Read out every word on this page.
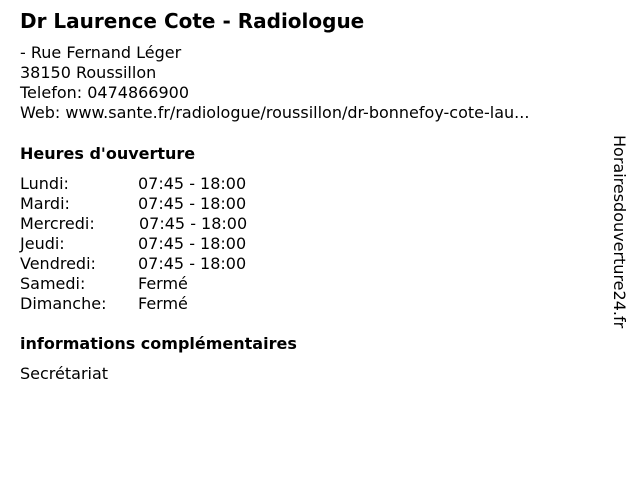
Dr Laurence Cote - Radiologue
- Rue Fernand Léger
38150 Roussillon
Telefon: 0474866900
Web: www.sante.fr/radiologue/roussillon/dr-bonnefoy-cote-lau...
Heures d'ouverture
Lundi:	07:45 - 18:00
Mardi:	07:45 - 18:00
Mercredi:	07:45 - 18:00
Jeudi:	07:45 - 18:00
Vendredi:	07:45 - 18:00
Samedi:	Fermé
Dimanche: Fermé
informations complémentaires
Secrétariat
Horairesdouverture24.fr
